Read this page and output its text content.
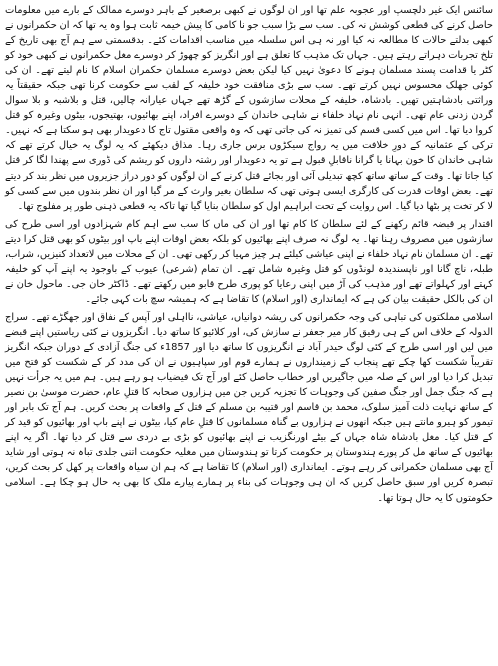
سائنس ایک غیر دلچسپ اور عجوبہ علم تھا اور ان لوگوں نے کبھی برصغیر کے باہر دوسرے ممالک کے بارے میں معلومات حاصل کرنے کی قطعی کوشش نہ کی۔ سب سے بڑا سبب جو نا کامی کا پیش خیمہ ثابت ہوا وہ یہ تھا کہ ان حکمرانوں نے کبھی بدلتے حالات کا مطالعہ نہ کیا اور نہ ہی اس سلسلہ میں مناسب اقدامات کئے۔ بدقسمتی سے ہم آج بھی تاریخ کے تلخ تجربات دہراتے رہتے ہیں۔ جہاں تک مذہب کا تعلق ہے اور انگریز کو چھوڑ کر دوسرے مغل حکمرانوں نے کبھی خود کو کٹر یا قدامت پسند مسلمان ہونے کا دعویٰ نہیں کیا لیکن بعض دوسرے مسلمان حکمران اسلام کا نام لیتے تھے۔ ان کی کوئی جھلک محسوس نہیں کرتے تھے۔ سب سے بڑی منافقت خود خلیفہ کے لقب سے حکومت کرنا تھی جبکہ حقیقتاً یہ وراثتی بادشاہتیں تھیں۔ بادشاہ، خلیفہ کے محلات سازشوں کے گڑھ تھے جہاں عیارانہ چالیں، قتل و بلاشبہ و بلا سوال گردن زدنی عام تھی۔ انہی نام نہاد خلفاء نے شاہی خاندان کے دوسرے افراد، اپنے بھائیوں، بھتیجوں، بیٹوں وغیرہ کو قتل کروا دیا تھا۔ اس میں کسی قسم کی تمیز نہ کی جاتی تھی کہ وہ واقعی مقتول تاج کا دعویدار بھی ہو سکتا ہے کہ نہیں۔ ترکی کے عثمانیہ کے دورِ خلافت میں یہ رواج سیکڑوں برس جاری رہا۔ مذاق دیکھئے کہ یہ لوگ یہ خیال کرتے تھے کہ شاہی خاندان کا خون بہانا یا گرانا ناقابلِ قبول ہے تو یہ دعویدار اور رشتہ داروں کو ریشم کی ڈوری سے پھندا لگا کر قتل کیا جاتا تھا۔ وقت کے ساتھ ساتھ کچھ تبدیلی آئی اور بجائے قتل کرنے کے ان لوگوں کو دور دراز جزیروں میں نظر بند کر دیتے تھے۔ بعض اوقات قدرت کی کارگری ایسی ہوتی تھی کہ سلطان بغیر وارث کے مر گیا اور ان نظر بندوں میں سے کسی کو لا کر تخت پر بٹھا دیا گیا۔ اس روایت کے تحت ابراہیم اول کو سلطان بنایا گیا تھا تاکہ یہ قطعی ذہنی طور پر مفلوج تھا۔

اقتدار پر قبضہ قائم رکھنے کے لئے سلطان کا کام تھا اور ان کی ماں کا سب سے اہم کام شہزادوں اور اسی طرح کی سازشوں میں مصروف رہنا تھا۔ یہ لوگ نہ صرف اپنے بھائیوں کو بلکہ بعض اوقات اپنے باپ اور بیٹوں کو بھی قتل کرا دیتے تھے۔ ان مسلمان نام نہاد خلفاء نے اپنی عیاشی کیلئے ہر چیز مہیا کر رکھی تھی۔ ان کے محلات میں لاتعداد کنیزیں، شراب، طبلہ، ناچ گانا اور ناپسندیدہ لونڈوں کو قتل وغیرہ شامل تھے۔ ان تمام (شرعی) عیوب کے باوجود یہ اپنے آپ کو خلیفہ کہتے اور کہلواتے تھے اور مذہب کی آڑ میں اپنی رعایا کو پوری طرح قابو میں رکھتے تھے۔ ڈاکٹر خان جی۔ ماحول خان نے ان کی بالکل حقیقت بیان کی ہے کہ ایمانداری (اور اسلام) کا تقاضا ہے کہ ہمیشہ سچ بات کہی جائے۔

اسلامی مملکتوں کی تباہی کی وجہ حکمرانوں کی ریشہ دوانیاں، عیاشی، نااہلی اور آپس کے نفاق اور جھگڑے تھے۔ سراج الدولہ کے خلاف اس کے ہی رفیق کار میر جعفر نے سازش کی، اور کلائیو کا ساتھ دیا۔ انگریزوں نے کئی ریاستیں اپنے قبضے میں لیں اور اسی طرح کے کئی لوگ حیدر آباد نے انگریزوں کا ساتھ دیا اور 1857ء کی جنگ آزادی کے دوران جبکہ انگریز تقریباً شکست کھا چکے تھے پنجاب کے زمینداروں نے ہمارے قوم اور سپاہیوں نے ان کی مدد کر کے شکست کو فتح میں تبدیل کرا دیا اور اس کے صلہ میں جاگیریں اور خطاب حاصل کئے اور آج تک فیضیاب ہو رہے ہیں۔ ہم میں یہ جرأت نہیں ہے کہ جنگ جمل اور جنگ صفین کی وجوہات کا تجزیہ کریں جن میں ہزاروں صحابہ کا قتلِ عام، حضرت موسیٰ بن نصیر کے ساتھ نہایت ذلت آمیز سلوک، محمد بن قاسم اور قتیبہ بن مسلم کے قتل کے واقعات پر بحث کریں۔ ہم آج تک بابر اور تیمور کو ہیرو مانتے ہیں جبکہ انھوں نے ہزاروں بے گناہ مسلمانوں کا قتلِ عام کیا، بیٹوں نے اپنے باپ اور بھائیوں کو قید کر کے قتل کیا۔ مغل بادشاہ شاہ جہاں کے بیٹے اورنگزیب نے اپنے بھائیوں کو بڑی بے دردی سے قتل کر دیا تھا۔ اگر یہ اپنے بھائیوں کے ساتھ مل کر پورے ہندوستان پر حکومت کرتا تو ہندوستان میں مغلیہ حکومت اتنی جلدی تباہ نہ ہوتی اور شاید آج بھی مسلمان حکمرانی کر رہے ہوتے۔ ایمانداری (اور اسلام) کا تقاضا ہے کہ ہم ان سیاہ واقعات پر کھل کر بحث کریں، تبصرہ کریں اور سبق حاصل کریں کہ ان ہی وجوہات کی بناء پر ہمارے پیارے ملک کا بھی یہ حال ہو چکا ہے۔ اسلامی حکومتوں کا یہ حال ہوتا تھا۔
